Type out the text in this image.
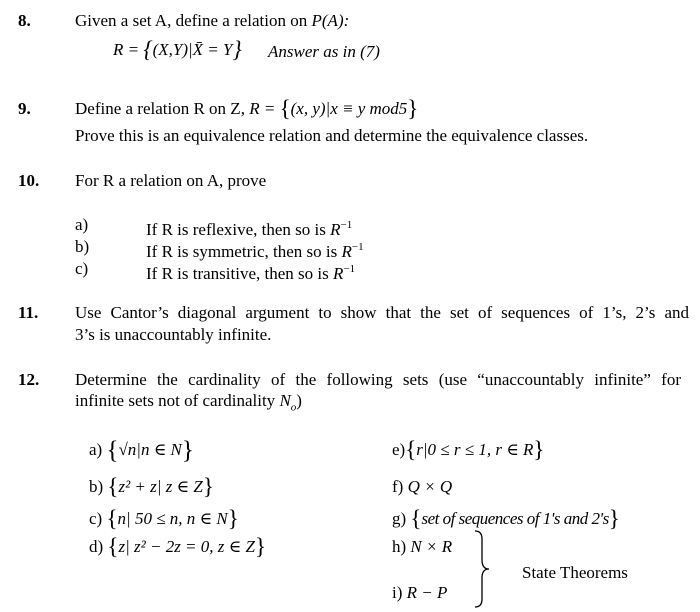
8.	Given a set A, define a relation on P(A):
R = {(X,Y)|X̄ = Y} Answer as in (7)
9.	Define a relation R on Z, R = {(x, y)|x ≡ y mod5}
Prove this is an equivalence relation and determine the equivalence classes.
10. For R a relation on A, prove
a)	If R is reflexive, then so is $R^{-1}$
b)	If R is symmetric, then so is $R^{-1}$
c)	If R is transitive, then so is $R^{-1}$
11. Use Cantor’s diagonal argument to show that the set of sequences of 1’s, 2’s and
3’s is unaccountably infinite.
12. Determine the cardinality of the following sets (use “unaccountably infinite” for
infinite sets not of cardinality $N_o$)
a) {√n|n ∈ N}
b) {z² + z| z ∈ Z}
c) {n| 50 ≤ n, n ∈ N}
d) {z| z² − 2z = 0, z ∈ Z}
e){r|0 ≤ r ≤ 1, r ∈ R}
f) Q × Q
g) {set of sequences of 1's and 2's}
h) N × R
i) R − P
State Theorems
